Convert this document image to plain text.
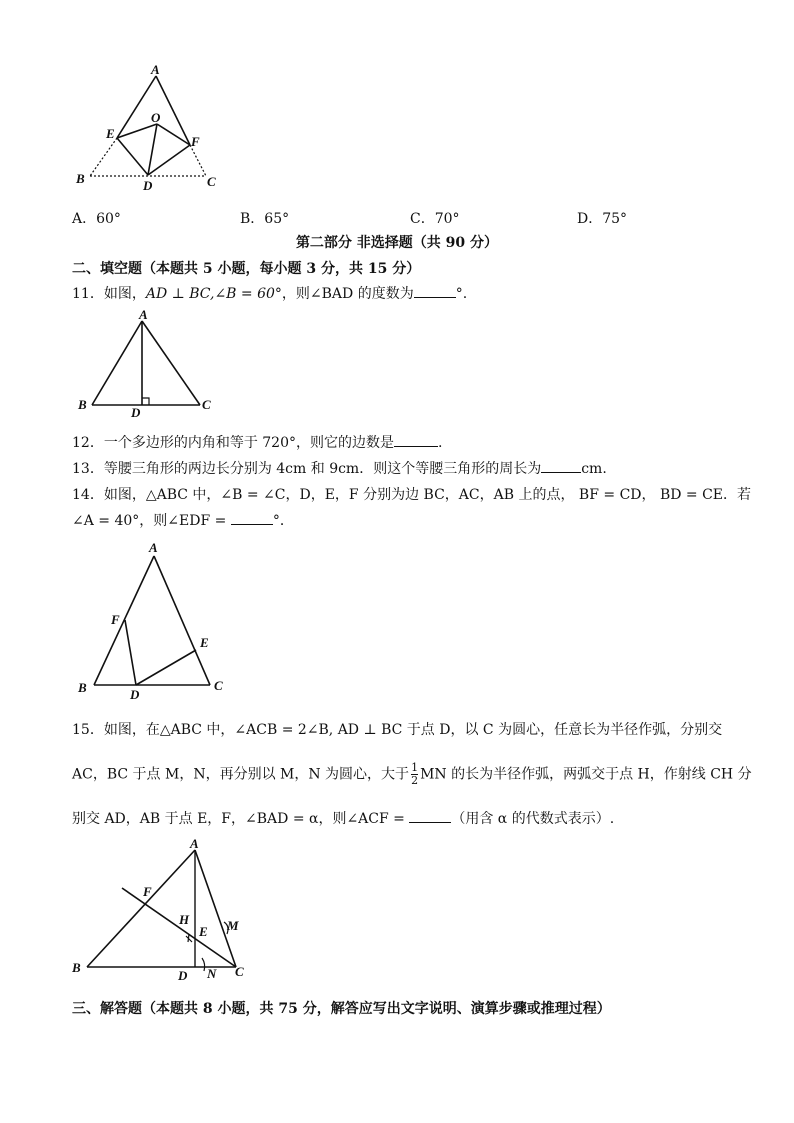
A
E
O
F
B	D	C
A．60°	B．65°	C．70°	D．75°
第二部分 非选择题（共 90 分）
二、填空题（本题共 5 小题，每小题 3 分，共 15 分）
11．如图，AD ⊥ BC,∠B = 60°，则∠BAD 的度数为	°.
A
B
D
C
12．一个多边形的内角和等于 720°，则它的边数是	.
13．等腰三角形的两边长分别为 4cm 和 9cm．则这个等腰三角形的周长为	cm.
14．如图，△ABC 中，∠B = ∠C，D，E，F 分别为边 BC，AC，AB 上的点， BF = CD， BD = CE．若
∠A = 40°，则∠EDF =	°．
A
F
E
B	D
C
15．如图，在△ABC 中，∠ACB = 2∠B, AD ⊥ BC 于点 D，以 C 为圆心，任意长为半径作弧，分别交
AC，BC 于点 M，N，再分别以 M，N 为圆心，大于 $\frac{1}{2}$ MN 的长为半径作弧，两弧交于点 H，作射线 CH 分
别交 AD，AB 于点 E，F，∠BAD = α，则∠ACF =	（用含 α 的代数式表示）.
A
F
H
E M
B
D N C
三、解答题（本题共 8 小题，共 75 分，解答应写出文字说明、演算步骤或推理过程）
